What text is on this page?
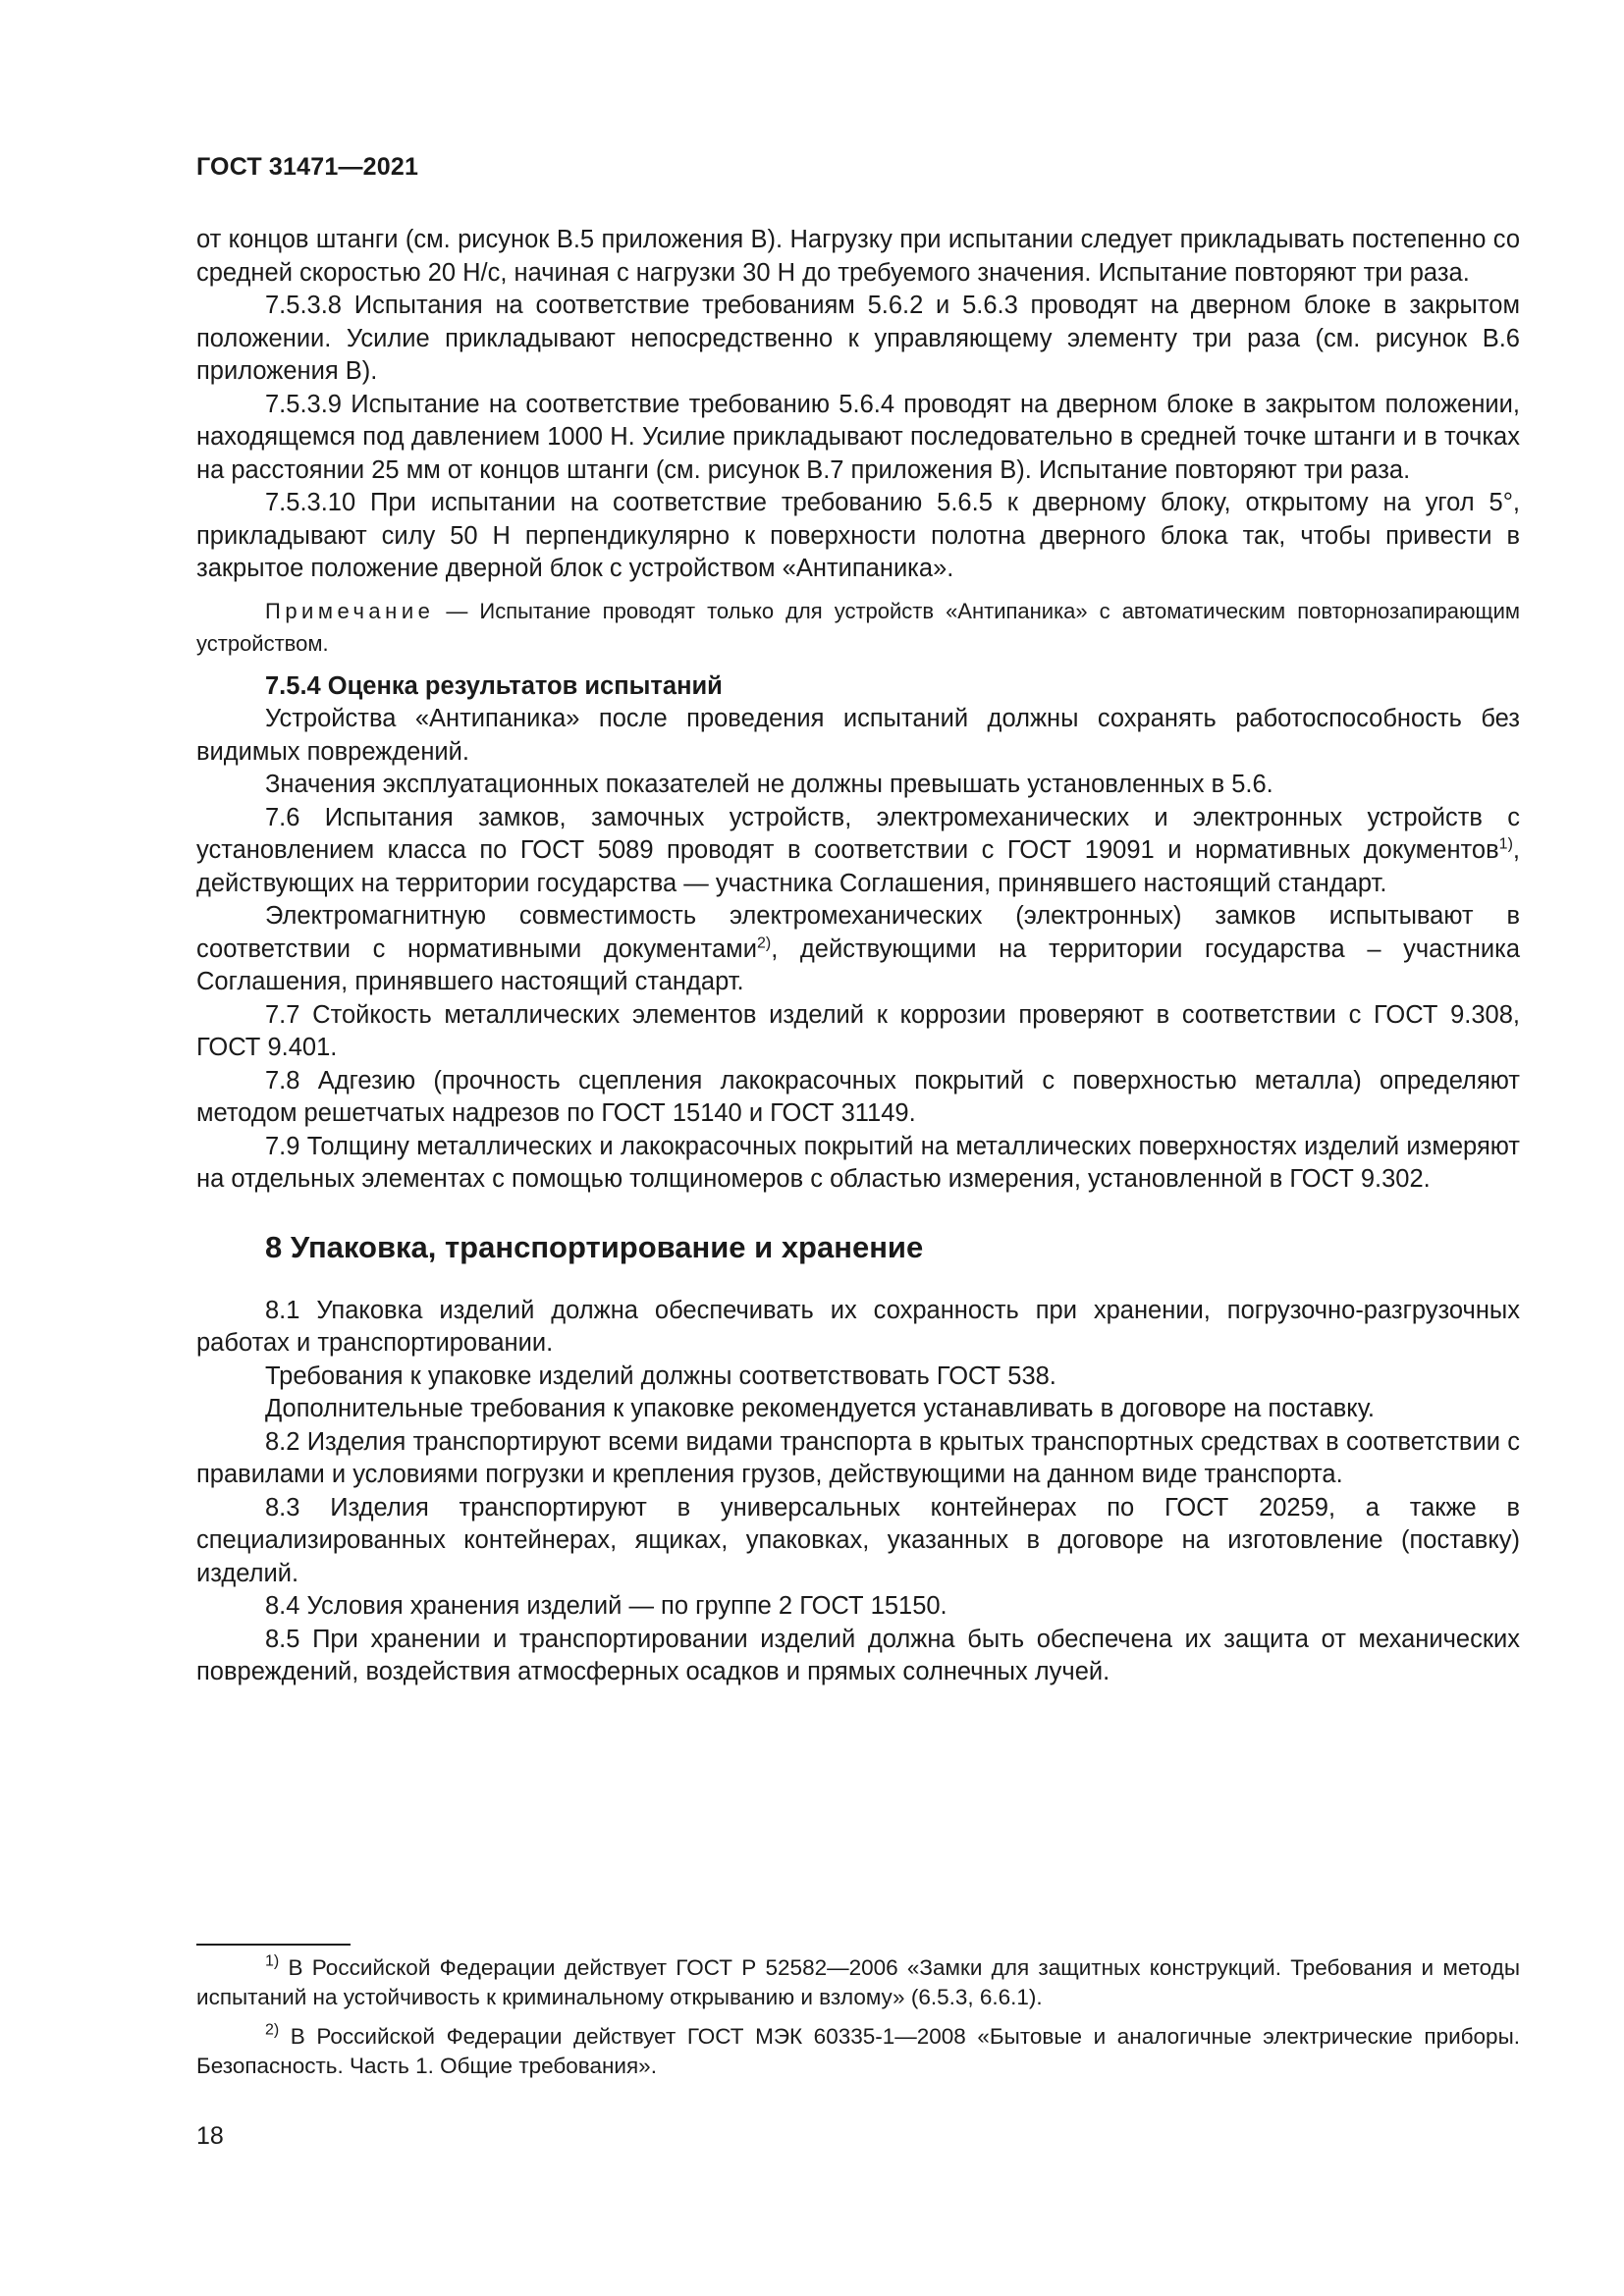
ГОСТ 31471—2021

от концов штанги (см. рисунок В.5 приложения В). Нагрузку при испытании следует прикладывать постепенно со средней скоростью 20 Н/с, начиная с нагрузки 30 Н до требуемого значения. Испытание повторяют три раза.

7.5.3.8 Испытания на соответствие требованиям 5.6.2 и 5.6.3 проводят на дверном блоке в закрытом положении. Усилие прикладывают непосредственно к управляющему элементу три раза (см. рисунок В.6 приложения В).

7.5.3.9 Испытание на соответствие требованию 5.6.4 проводят на дверном блоке в закрытом положении, находящемся под давлением 1000 Н. Усилие прикладывают последовательно в средней точке штанги и в точках на расстоянии 25 мм от концов штанги (см. рисунок В.7 приложения В). Испытание повторяют три раза.

7.5.3.10 При испытании на соответствие требованию 5.6.5 к дверному блоку, открытому на угол 5°, прикладывают силу 50 Н перпендикулярно к поверхности полотна дверного блока так, чтобы привести в закрытое положение дверной блок с устройством «Антипаника».

Примечание — Испытание проводят только для устройств «Антипаника» с автоматическим повторнозапирающим устройством.

7.5.4 Оценка результатов испытаний

Устройства «Антипаника» после проведения испытаний должны сохранять работоспособность без видимых повреждений.

Значения эксплуатационных показателей не должны превышать установленных в 5.6.

7.6 Испытания замков, замочных устройств, электромеханических и электронных устройств с установлением класса по ГОСТ 5089 проводят в соответствии с ГОСТ 19091 и нормативных документов$^{1)}$, действующих на территории государства — участника Соглашения, принявшего настоящий стандарт.

Электромагнитную совместимость электромеханических (электронных) замков испытывают в соответствии с нормативными документами$^{2)}$, действующими на территории государства – участника Соглашения, принявшего настоящий стандарт.

7.7 Стойкость металлических элементов изделий к коррозии проверяют в соответствии с ГОСТ 9.308, ГОСТ 9.401.

7.8 Адгезию (прочность сцепления лакокрасочных покрытий с поверхностью металла) определяют методом решетчатых надрезов по ГОСТ 15140 и ГОСТ 31149.

7.9 Толщину металлических и лакокрасочных покрытий на металлических поверхностях изделий измеряют на отдельных элементах с помощью толщиномеров с областью измерения, установленной в ГОСТ 9.302.

8 Упаковка, транспортирование и хранение

8.1 Упаковка изделий должна обеспечивать их сохранность при хранении, погрузочно-разгрузочных работах и транспортировании.

Требования к упаковке изделий должны соответствовать ГОСТ 538.

Дополнительные требования к упаковке рекомендуется устанавливать в договоре на поставку.

8.2 Изделия транспортируют всеми видами транспорта в крытых транспортных средствах в соответствии с правилами и условиями погрузки и крепления грузов, действующими на данном виде транспорта.

8.3 Изделия транспортируют в универсальных контейнерах по ГОСТ 20259, а также в специализированных контейнерах, ящиках, упаковках, указанных в договоре на изготовление (поставку) изделий.

8.4 Условия хранения изделий — по группе 2 ГОСТ 15150.

8.5 При хранении и транспортировании изделий должна быть обеспечена их защита от механических повреждений, воздействия атмосферных осадков и прямых солнечных лучей.

$^{1)}$ В Российской Федерации действует ГОСТ Р 52582—2006 «Замки для защитных конструкций. Требования и методы испытаний на устойчивость к криминальному открыванию и взлому» (6.5.3, 6.6.1).

$^{2)}$ В Российской Федерации действует ГОСТ МЭК 60335-1—2008 «Бытовые и аналогичные электрические приборы. Безопасность. Часть 1. Общие требования».

18
